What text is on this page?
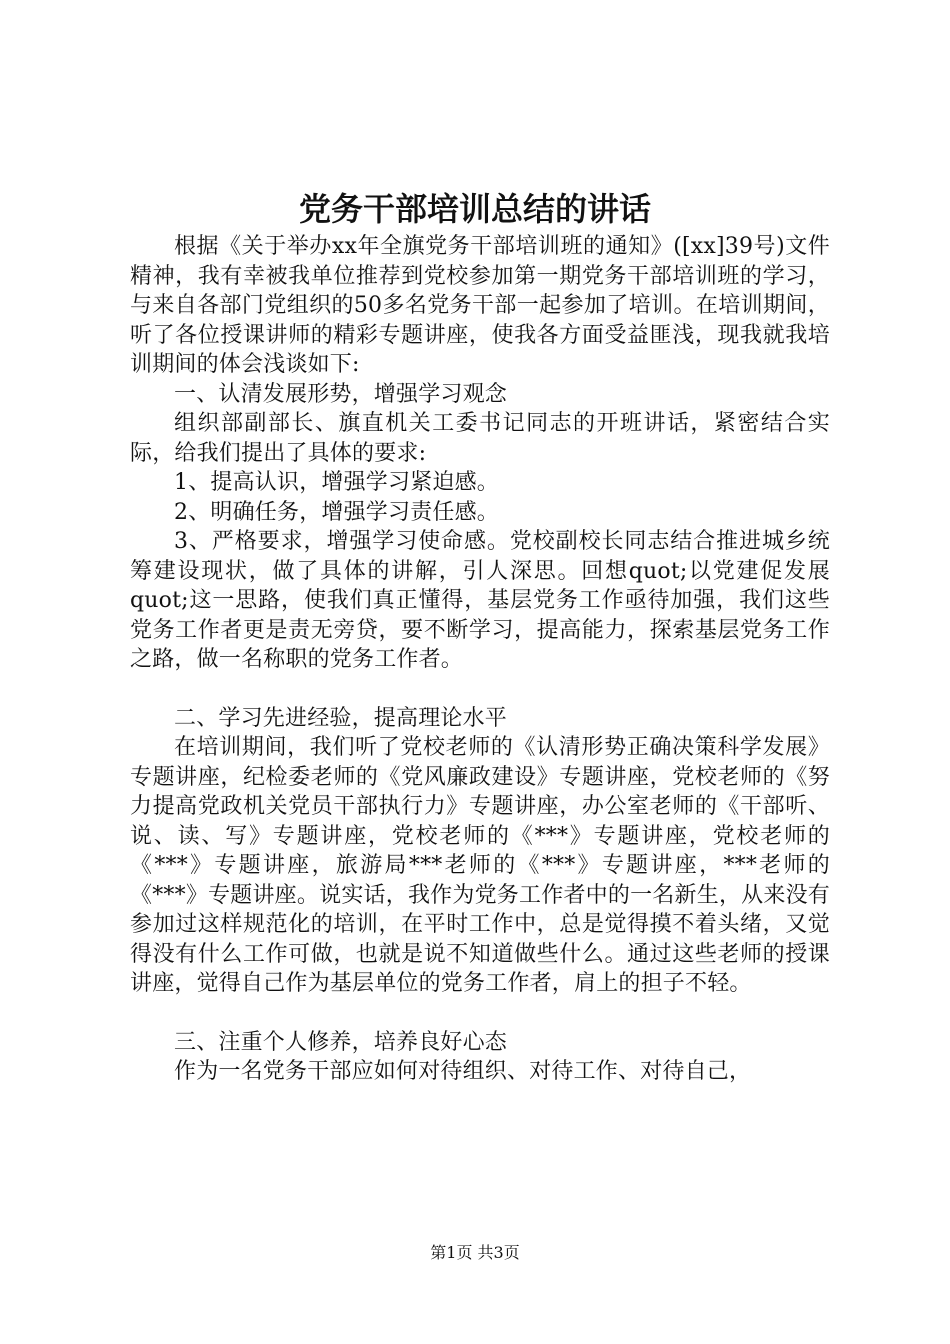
党务干部培训总结的讲话

根据《关于举办xx年全旗党务干部培训班的通知》([xx]39号)文件精神，我有幸被我单位推荐到党校参加第一期党务干部培训班的学习，与来自各部门党组织的50多名党务干部一起参加了培训。在培训期间，听了各位授课讲师的精彩专题讲座，使我各方面受益匪浅，现我就我培训期间的体会浅谈如下:

一、认清发展形势，增强学习观念

组织部副部长、旗直机关工委书记同志的开班讲话，紧密结合实际，给我们提出了具体的要求:

1、提高认识，增强学习紧迫感。

2、明确任务，增强学习责任感。

3、严格要求，增强学习使命感。党校副校长同志结合推进城乡统筹建设现状，做了具体的讲解，引人深思。回想quot;以党建促发展quot;这一思路，使我们真正懂得，基层党务工作亟待加强，我们这些党务工作者更是责无旁贷，要不断学习，提高能力，探索基层党务工作之路，做一名称职的党务工作者。

二、学习先进经验，提高理论水平

在培训期间，我们听了党校老师的《认清形势正确决策科学发展》专题讲座，纪检委老师的《党风廉政建设》专题讲座，党校老师的《努力提高党政机关党员干部执行力》专题讲座，办公室老师的《干部听、说、读、写》专题讲座，党校老师的《***》专题讲座，党校老师的《***》专题讲座，旅游局***老师的《***》专题讲座，***老师的《***》专题讲座。说实话，我作为党务工作者中的一名新生，从来没有参加过这样规范化的培训，在平时工作中，总是觉得摸不着头绪，又觉得没有什么工作可做，也就是说不知道做些什么。通过这些老师的授课讲座，觉得自己作为基层单位的党务工作者，肩上的担子不轻。

三、注重个人修养，培养良好心态

作为一名党务干部应如何对待组织、对待工作、对待自己，

第1页 共3页
